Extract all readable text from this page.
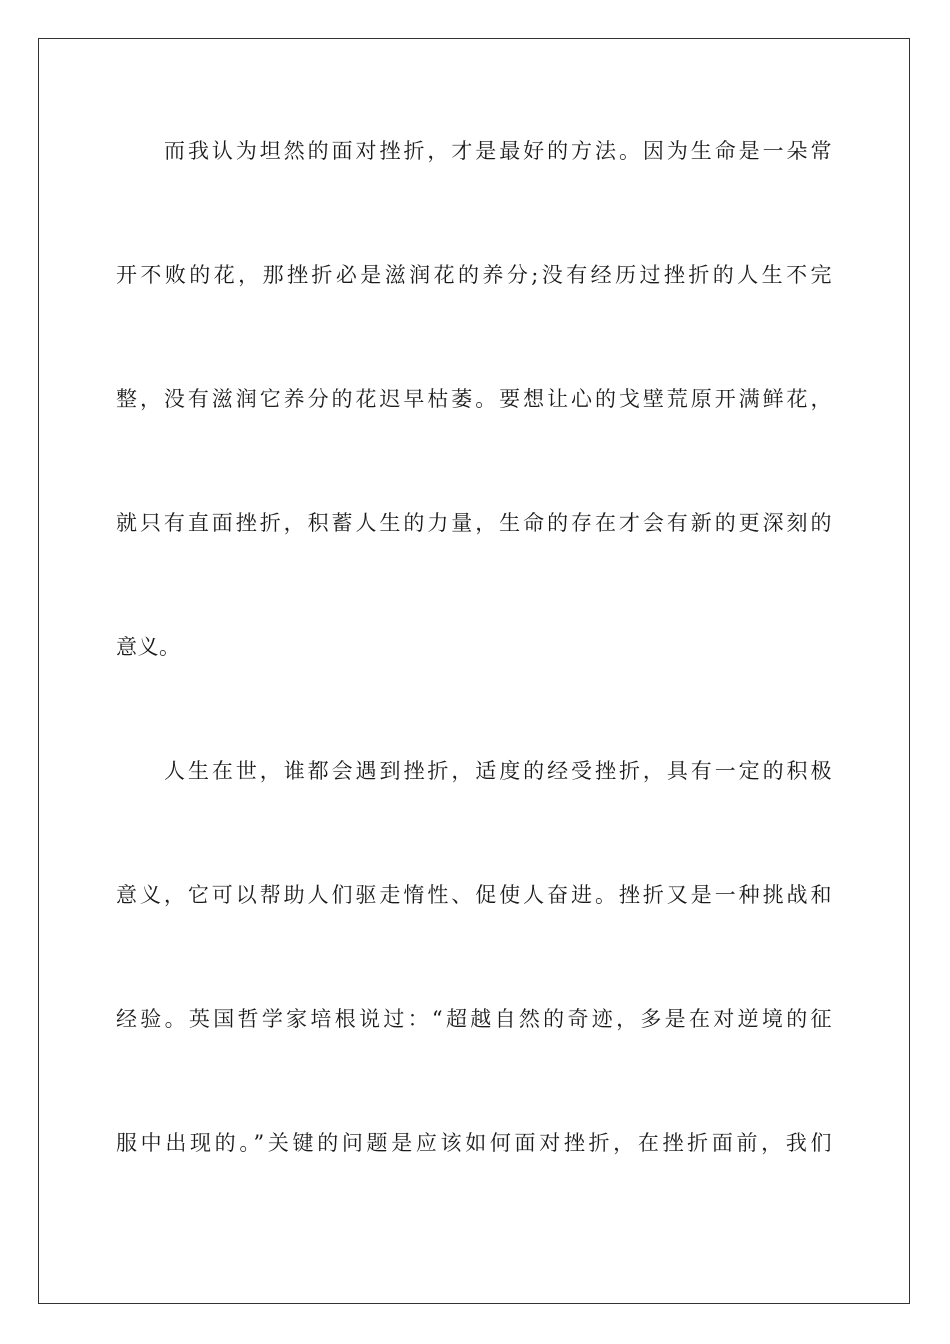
而我认为坦然的面对挫折，才是最好的方法。因为生命是一朵常
开不败的花，那挫折必是滋润花的养分;没有经历过挫折的人生不完
整，没有滋润它养分的花迟早枯萎。要想让心的戈壁荒原开满鲜花，
就只有直面挫折，积蓄人生的力量，生命的存在才会有新的更深刻的
意义。
人生在世，谁都会遇到挫折，适度的经受挫折，具有一定的积极
意义，它可以帮助人们驱走惰性、促使人奋进。挫折又是一种挑战和
经验。英国哲学家培根说过：“超越自然的奇迹，多是在对逆境的征
服中出现的。”关键的问题是应该如何面对挫折，在挫折面前，我们
